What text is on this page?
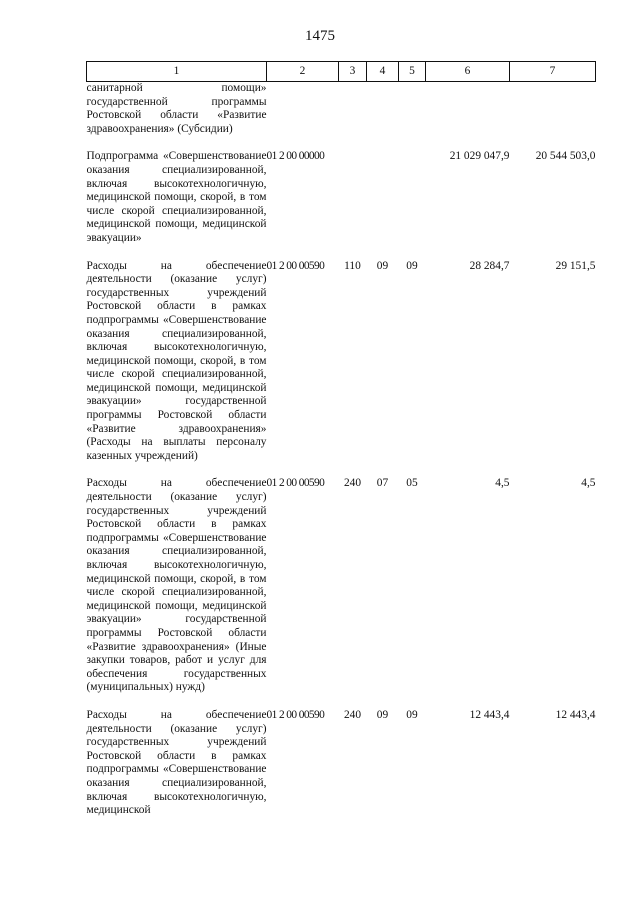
1475
1	2	3	4	5	6	7
санитарной помощи» государственной программы Ростовской области «Развитие здравоохранения» (Субсидии)						
Подпрограмма «Совершенствование оказания специализированной, включая высокотехнологичную, медицинской помощи, скорой, в том числе скорой специализированной, медицинской помощи, медицинской эвакуации»	01 2 00 00000				21 029 047,9	20 544 503,0
Расходы на обеспечение деятельности (оказание услуг) государственных учреждений Ростовской области в рамках подпрограммы «Совершенствование оказания специализированной, включая высокотехнологичную, медицинской помощи, скорой, в том числе скорой специализированной, медицинской помощи, медицинской эвакуации» государственной программы Ростовской области «Развитие здравоохранения» (Расходы на выплаты персоналу казенных учреждений)	01 2 00 00590	110	09	09	28 284,7	29 151,5
Расходы на обеспечение деятельности (оказание услуг) государственных учреждений Ростовской области в рамках подпрограммы «Совершенствование оказания специализированной, включая высокотехнологичную, медицинской помощи, скорой, в том числе скорой специализированной, медицинской помощи, медицинской эвакуации» государственной программы Ростовской области «Развитие здравоохранения» (Иные закупки товаров, работ и услуг для обеспечения государственных (муниципальных) нужд)	01 2 00 00590	240	07	05	4,5	4,5
Расходы на обеспечение деятельности (оказание услуг) государственных учреждений Ростовской области в рамках подпрограммы «Совершенствование оказания специализированной, включая высокотехнологичную, медицинской	01 2 00 00590	240	09	09	12 443,4	12 443,4
